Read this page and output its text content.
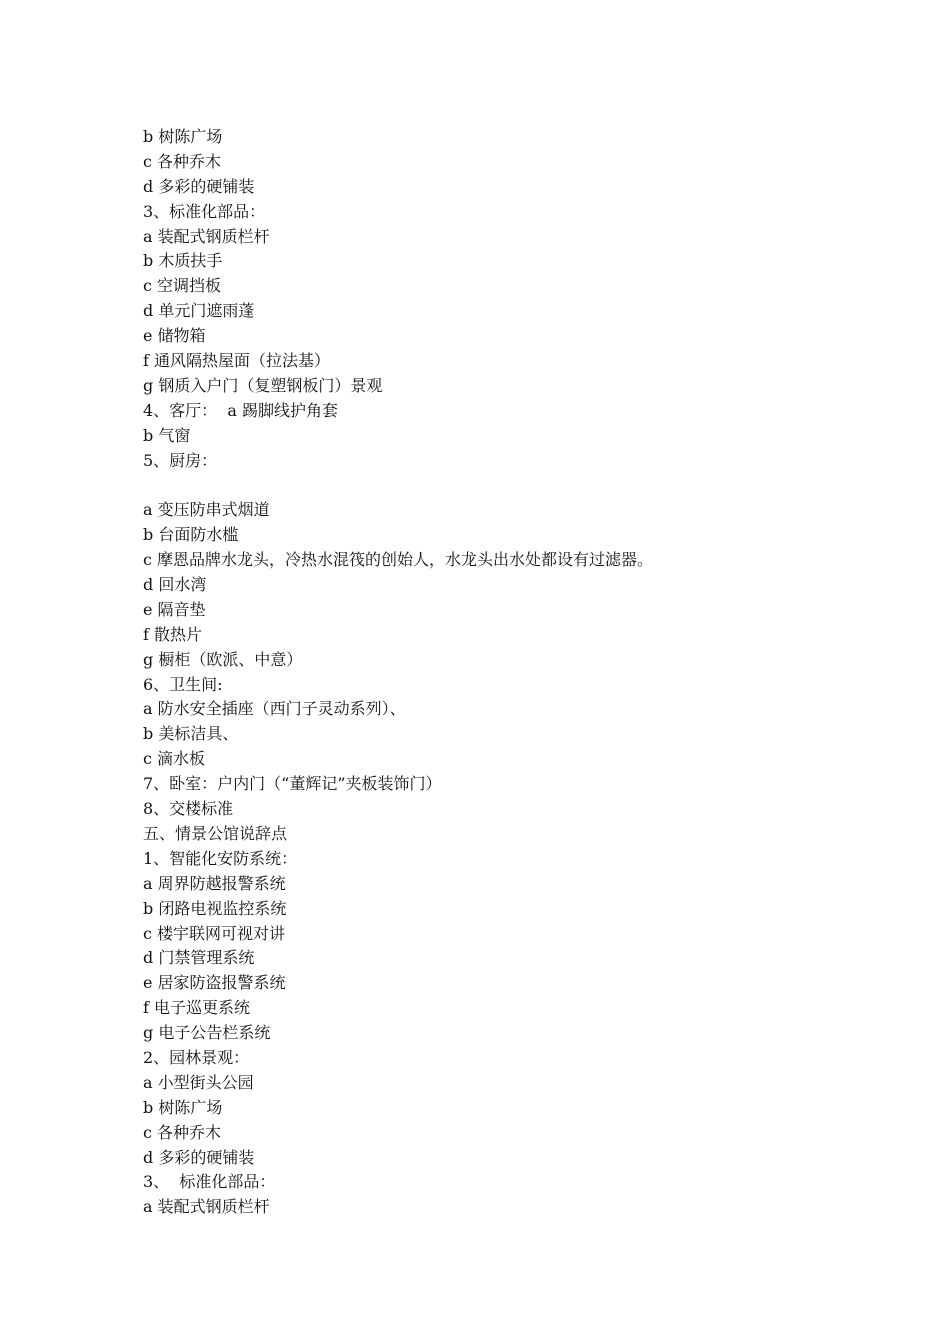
b 树陈广场
c 各种乔木
d 多彩的硬铺装
3、标准化部品：
a 装配式钢质栏杆
b 木质扶手
c 空调挡板
d 单元门遮雨蓬
e 储物箱
f 通风隔热屋面（拉法基）
g 钢质入户门（复塑钢板门）景观
4、客厅：  a 踢脚线护角套
b 气窗
5、厨房：
a 变压防串式烟道
b 台面防水槛
c 摩恩品牌水龙头，冷热水混筏的创始人，水龙头出水处都设有过滤器。
d 回水湾
e 隔音垫
f 散热片
g 橱柜（欧派、中意）
6、卫生间:
a 防水安全插座（西门子灵动系列）、
b 美标洁具、
c 滴水板
7、卧室：户内门（“董辉记”夹板装饰门）
8、交楼标准
五、情景公馆说辞点
1、智能化安防系统：
a 周界防越报警系统
b 闭路电视监控系统
c 楼宇联网可视对讲
d 门禁管理系统
e 居家防盗报警系统
f 电子巡更系统
g 电子公告栏系统
2、园林景观：
a 小型街头公园
b 树陈广场
c 各种乔木
d 多彩的硬铺装
3、  标准化部品：
a 装配式钢质栏杆
